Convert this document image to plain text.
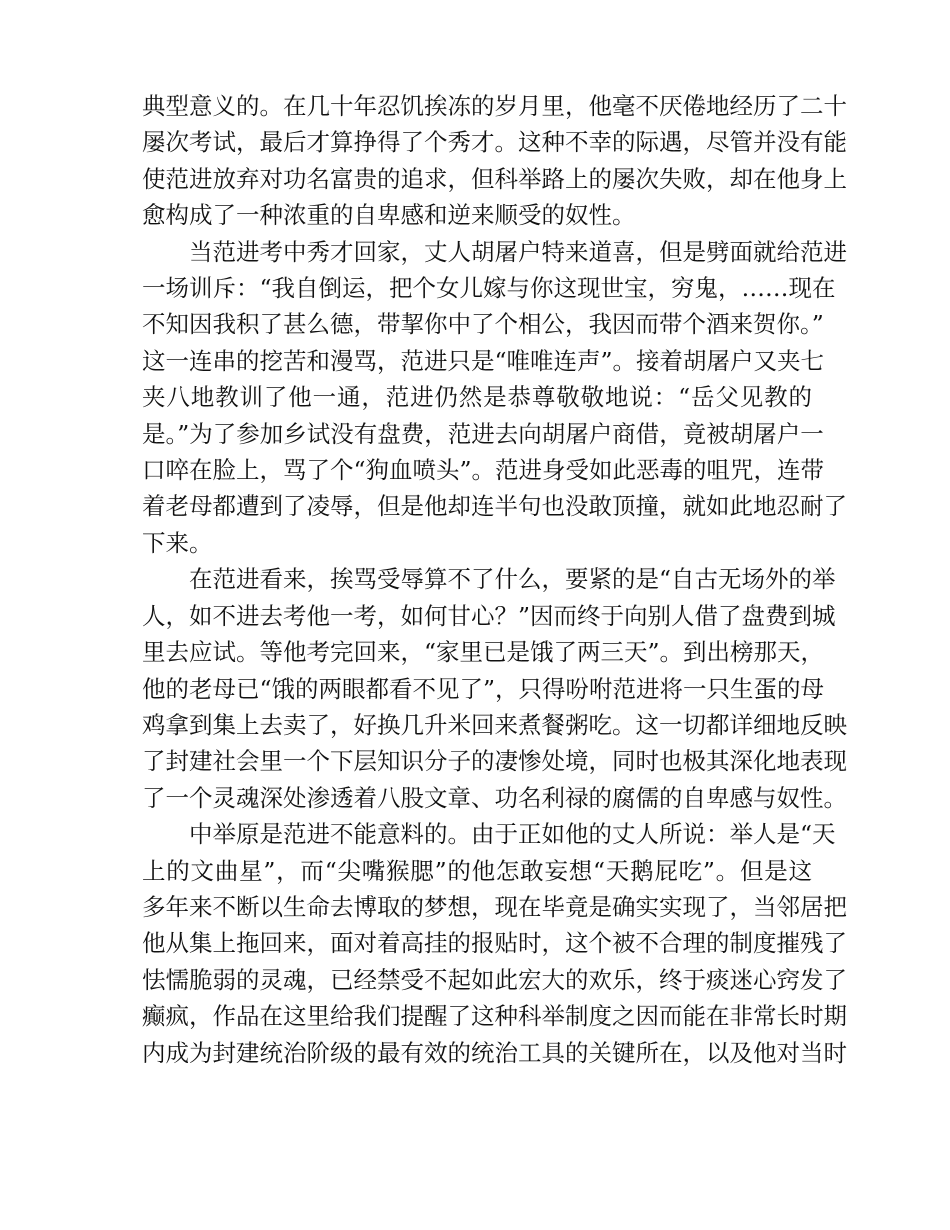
典型意义的。在几十年忍饥挨冻的岁月里，他毫不厌倦地经历了二十
屡次考试，最后才算挣得了个秀才。这种不幸的际遇，尽管并没有能
使范进放弃对功名富贵的追求，但科举路上的屡次失败，却在他身上
愈构成了一种浓重的自卑感和逆来顺受的奴性。
当范进考中秀才回家，丈人胡屠户特来道喜，但是劈面就给范进
一场训斥：“我自倒运，把个女儿嫁与你这现世宝，穷鬼，……现在
不知因我积了甚么德，带挈你中了个相公，我因而带个酒来贺你。”
这一连串的挖苦和漫骂，范进只是“唯唯连声”。接着胡屠户又夹七
夹八地教训了他一通，范进仍然是恭尊敬敬地说：“岳父见教的
是。”为了参加乡试没有盘费，范进去向胡屠户商借，竟被胡屠户一
口啐在脸上，骂了个“狗血喷头”。范进身受如此恶毒的咀咒，连带
着老母都遭到了凌辱，但是他却连半句也没敢顶撞，就如此地忍耐了
下来。
在范进看来，挨骂受辱算不了什么，要紧的是“自古无场外的举
人，如不进去考他一考，如何甘心？”因而终于向别人借了盘费到城
里去应试。等他考完回来，“家里已是饿了两三天”。到出榜那天，
他的老母已“饿的两眼都看不见了”，只得吩咐范进将一只生蛋的母
鸡拿到集上去卖了，好换几升米回来煮餐粥吃。这一切都详细地反映
了封建社会里一个下层知识分子的凄惨处境，同时也极其深化地表现
了一个灵魂深处渗透着八股文章、功名利禄的腐儒的自卑感与奴性。
中举原是范进不能意料的。由于正如他的丈人所说：举人是“天
上的文曲星”，而“尖嘴猴腮”的他怎敢妄想“天鹅屁吃”。但是这
多年来不断以生命去博取的梦想，现在毕竟是确实实现了，当邻居把
他从集上拖回来，面对着高挂的报贴时，这个被不合理的制度摧残了
怯懦脆弱的灵魂，已经禁受不起如此宏大的欢乐，终于痰迷心窍发了
癫疯，作品在这里给我们提醒了这种科举制度之因而能在非常长时期
内成为封建统治阶级的最有效的统治工具的关键所在，以及他对当时
